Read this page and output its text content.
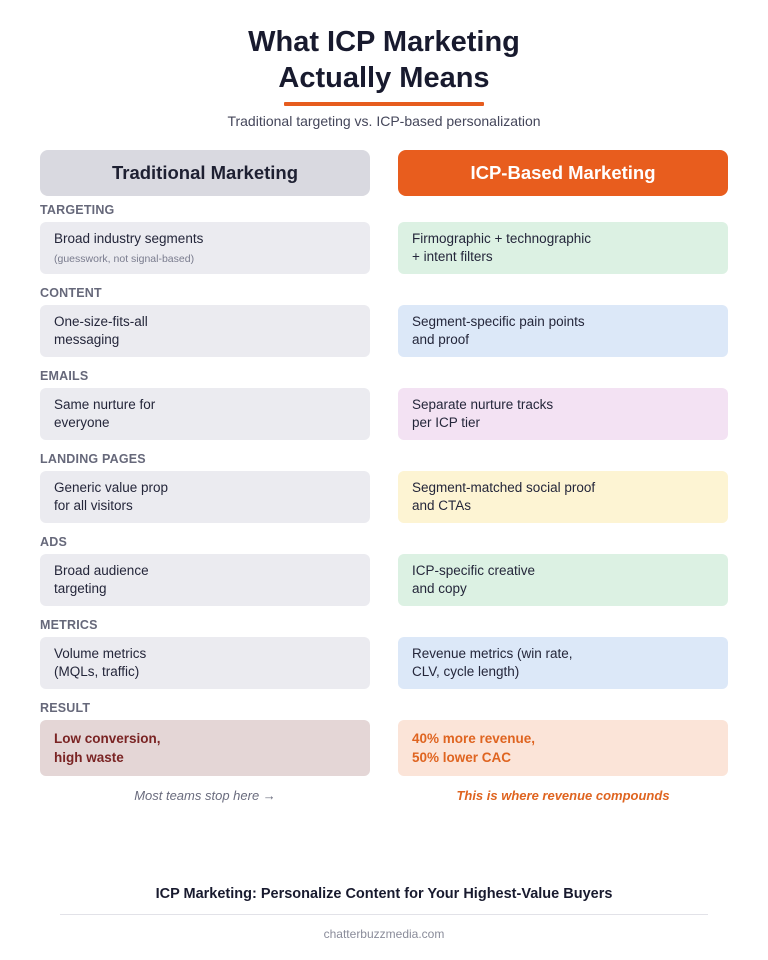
What ICP Marketing
Actually Means
Traditional targeting vs. ICP-based personalization
Traditional Marketing	ICP-Based Marketing
TARGETING
Broad industry segments
(guesswork, not signal-based)
Firmographic + technographic
+ intent filters
CONTENT
One-size-fits-all
messaging
Segment-specific pain points
and proof
EMAILS
Same nurture for
everyone
Separate nurture tracks
per ICP tier
LANDING PAGES
Generic value prop
for all visitors
Segment-matched social proof
and CTAs
ADS
Broad audience
targeting
ICP-specific creative
and copy
METRICS
Volume metrics
(MQLs, traffic)
Revenue metrics (win rate,
CLV, cycle length)
RESULT
Low conversion,
high waste
40% more revenue,
50% lower CAC
Most teams stop here →	This is where revenue compounds
ICP Marketing: Personalize Content for Your Highest-Value Buyers
chatterbuzzmedia.com
